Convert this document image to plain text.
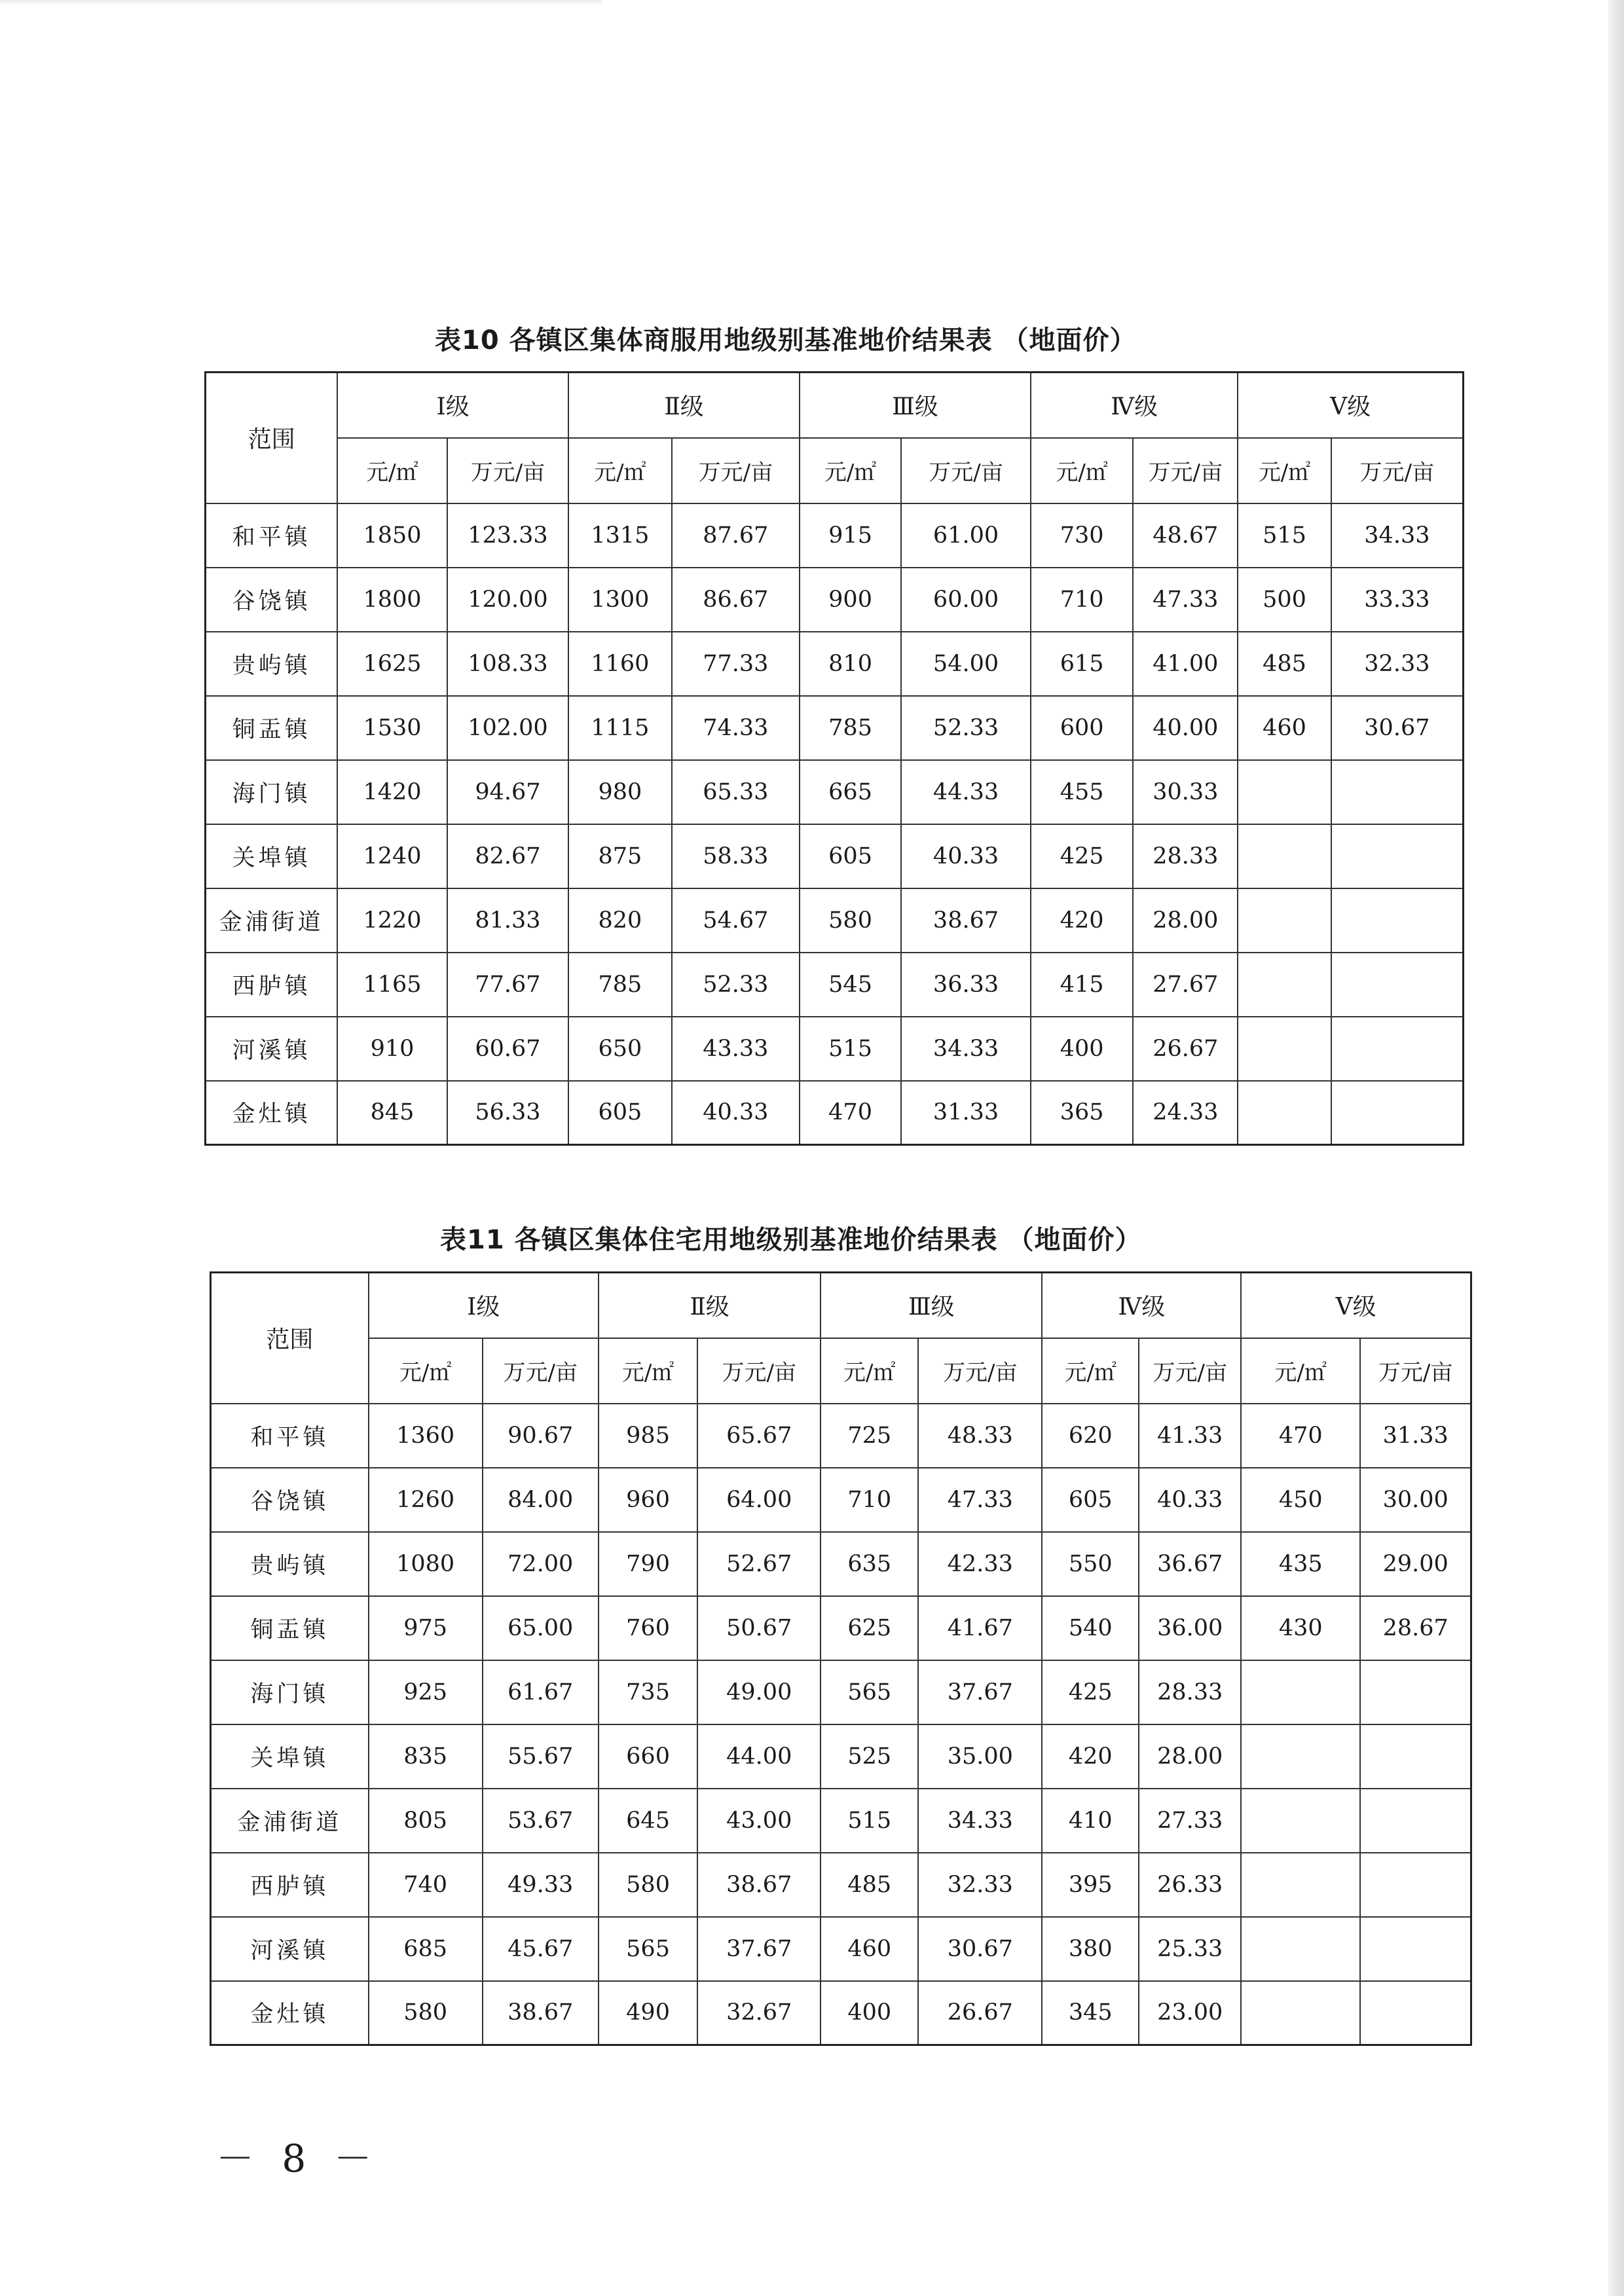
表10 各镇区集体商服用地级别基准地价结果表 （地面价）
范围	Ⅰ级		Ⅱ级		Ⅲ级		Ⅳ级		Ⅴ级	
	元/㎡	万元/亩	元/㎡	万元/亩	元/㎡	万元/亩	元/㎡	万元/亩	元/㎡	万元/亩
和平镇	1850	123.33	1315	87.67	915	61.00	730	48.67	515	34.33
谷饶镇	1800	120.00	1300	86.67	900	60.00	710	47.33	500	33.33
贵屿镇	1625	108.33	1160	77.33	810	54.00	615	41.00	485	32.33
铜盂镇	1530	102.00	1115	74.33	785	52.33	600	40.00	460	30.67
海门镇	1420	94.67	980	65.33	665	44.33	455	30.33		
关埠镇	1240	82.67	875	58.33	605	40.33	425	28.33		
金浦街道	1220	81.33	820	54.67	580	38.67	420	28.00		
西胪镇	1165	77.67	785	52.33	545	36.33	415	27.67		
河溪镇	910	60.67	650	43.33	515	34.33	400	26.67		
金灶镇	845	56.33	605	40.33	470	31.33	365	24.33		
表11 各镇区集体住宅用地级别基准地价结果表 （地面价）
范围	Ⅰ级		Ⅱ级		Ⅲ级		Ⅳ级		Ⅴ级	
	元/㎡	万元/亩	元/㎡	万元/亩	元/㎡	万元/亩	元/㎡	万元/亩	元/㎡	万元/亩
和平镇	1360	90.67	985	65.67	725	48.33	620	41.33	470	31.33
谷饶镇	1260	84.00	960	64.00	710	47.33	605	40.33	450	30.00
贵屿镇	1080	72.00	790	52.67	635	42.33	550	36.67	435	29.00
铜盂镇	975	65.00	760	50.67	625	41.67	540	36.00	430	28.67
海门镇	925	61.67	735	49.00	565	37.67	425	28.33		
关埠镇	835	55.67	660	44.00	525	35.00	420	28.00		
金浦街道	805	53.67	645	43.00	515	34.33	410	27.33		
西胪镇	740	49.33	580	38.67	485	32.33	395	26.33		
河溪镇	685	45.67	565	37.67	460	30.67	380	25.33		
金灶镇	580	38.67	490	32.67	400	26.67	345	23.00		
－ 8 －
